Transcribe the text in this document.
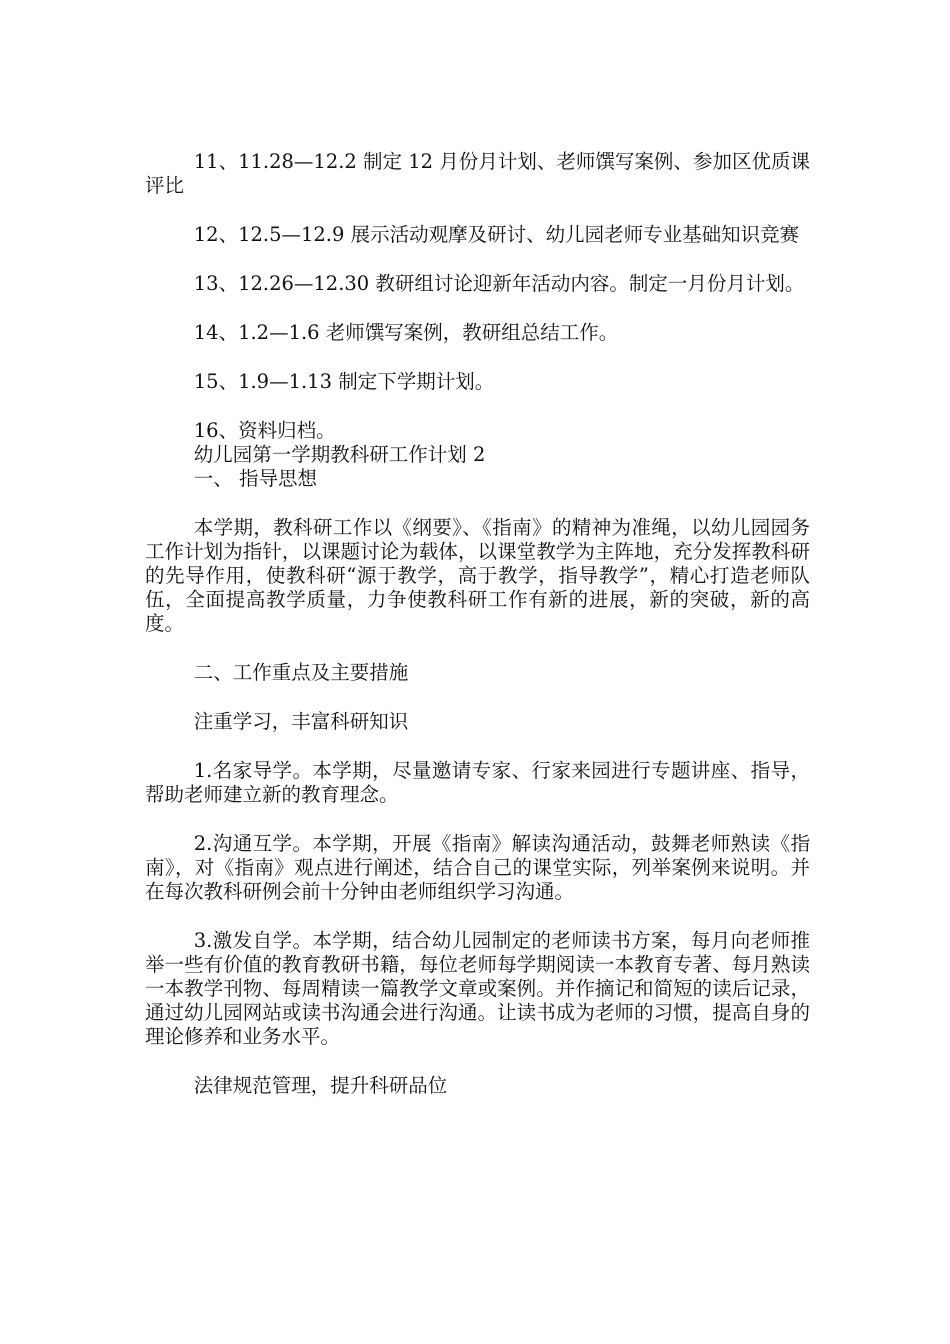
11、11.28—12.2 制定 12 月份月计划、老师馔写案例、参加区优质课评比

12、12.5—12.9 展示活动观摩及研讨、幼儿园老师专业基础知识竞赛

13、12.26—12.30 教研组讨论迎新年活动内容。制定一月份月计划。

14、1.2—1.6 老师馔写案例，教研组总结工作。

15、1.9—1.13 制定下学期计划。

16、资料归档。

幼儿园第一学期教科研工作计划 2

一、 指导思想

本学期，教科研工作以《纲要》、《指南》的精神为准绳，以幼儿园园务工作计划为指针，以课题讨论为载体，以课堂教学为主阵地，充分发挥教科研的先导作用，使教科研“源于教学，高于教学，指导教学”，精心打造老师队伍，全面提高教学质量，力争使教科研工作有新的进展，新的突破，新的高度。

二、工作重点及主要措施

注重学习，丰富科研知识

1.名家导学。本学期，尽量邀请专家、行家来园进行专题讲座、指导，帮助老师建立新的教育理念。

2.沟通互学。本学期，开展《指南》解读沟通活动，鼓舞老师熟读《指南》，对《指南》观点进行阐述，结合自己的课堂实际，列举案例来说明。并在每次教科研例会前十分钟由老师组织学习沟通。

3.激发自学。本学期，结合幼儿园制定的老师读书方案，每月向老师推举一些有价值的教育教研书籍，每位老师每学期阅读一本教育专著、每月熟读一本教学刊物、每周精读一篇教学文章或案例。并作摘记和简短的读后记录，通过幼儿园网站或读书沟通会进行沟通。让读书成为老师的习惯，提高自身的理论修养和业务水平。

法律规范管理，提升科研品位
